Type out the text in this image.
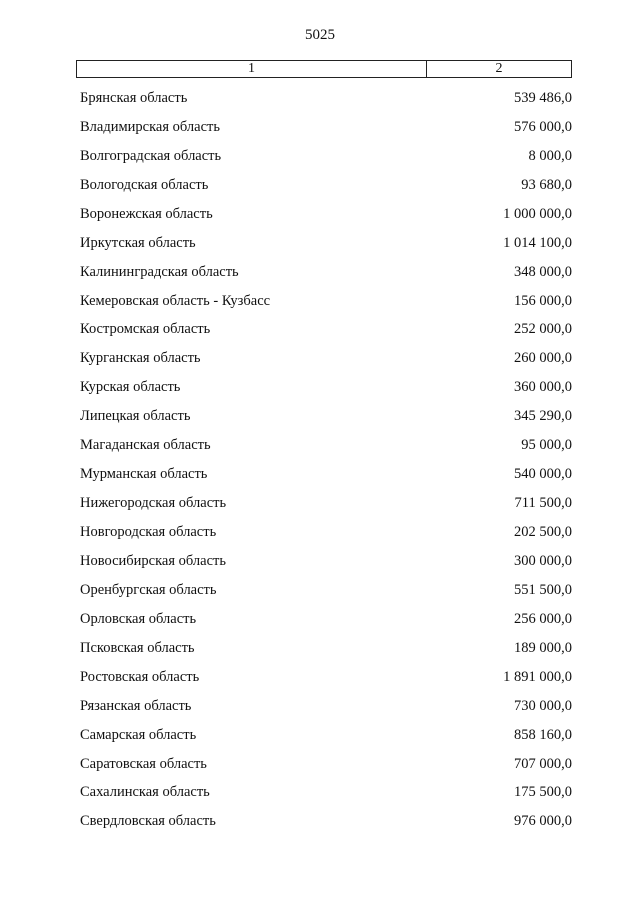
5025
1	2
Брянская область	539 486,0
Владимирская область	576 000,0
Волгоградская область	8 000,0
Вологодская область	93 680,0
Воронежская область	1 000 000,0
Иркутская область	1 014 100,0
Калининградская область	348 000,0
Кемеровская область - Кузбасс	156 000,0
Костромская область	252 000,0
Курганская область	260 000,0
Курская область	360 000,0
Липецкая область	345 290,0
Магаданская область	95 000,0
Мурманская область	540 000,0
Нижегородская область	711 500,0
Новгородская область	202 500,0
Новосибирская область	300 000,0
Оренбургская область	551 500,0
Орловская область	256 000,0
Псковская область	189 000,0
Ростовская область	1 891 000,0
Рязанская область	730 000,0
Самарская область	858 160,0
Саратовская область	707 000,0
Сахалинская область	175 500,0
Свердловская область	976 000,0
